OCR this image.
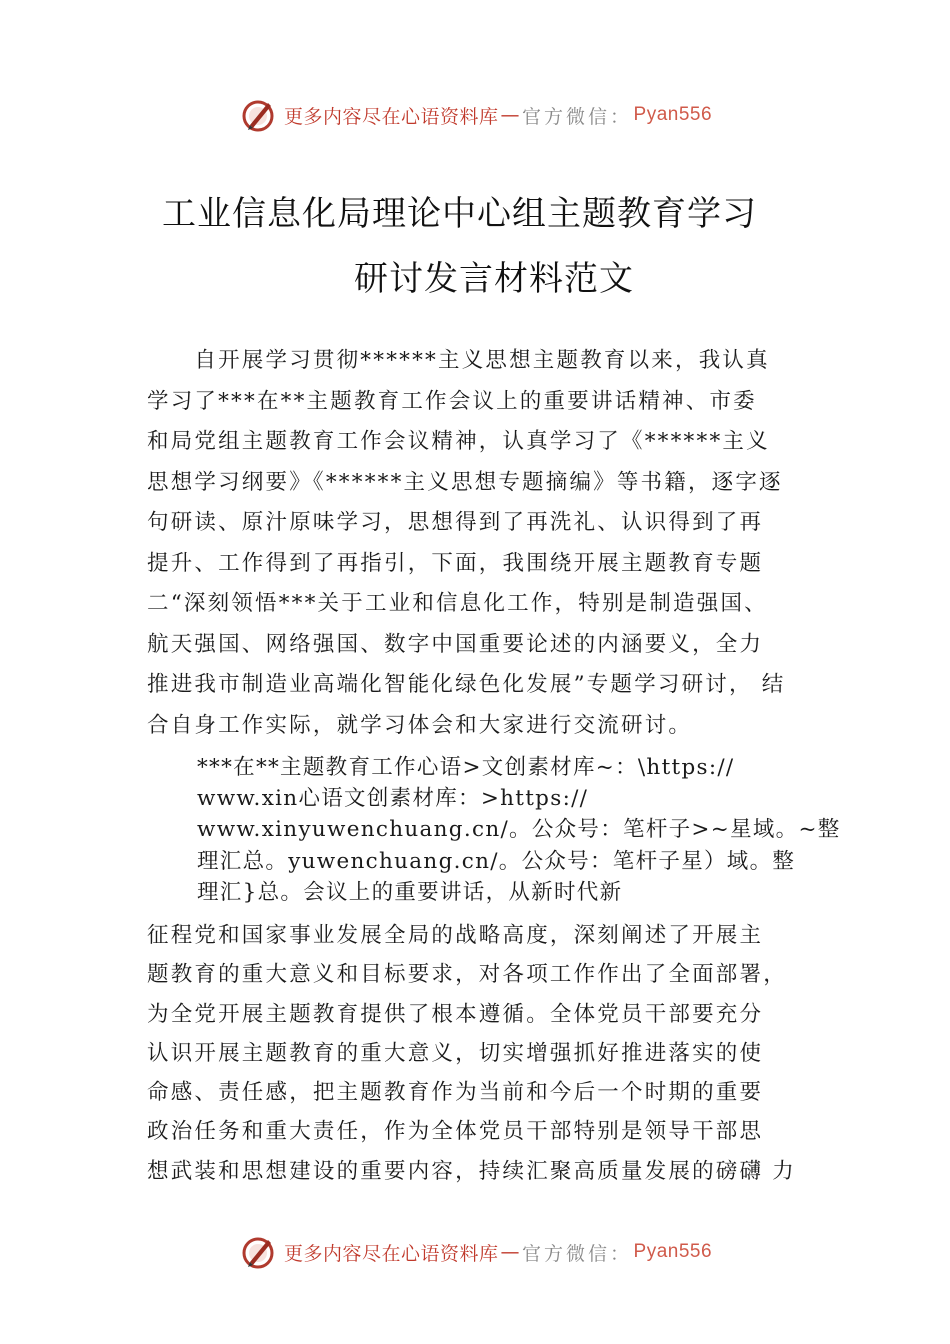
更多内容尽在心语资料库 — 官方微信 ： Pyan556
工业信息化局理论中心组主题教育学习
研讨发言材料范文
　　自开展学习贯彻******主义思想主题教育以来，我认真
学习了***在**主题教育工作会议上的重要讲话精神、市委
和局党组主题教育工作会议精神，认真学习了《******主义
思想学习纲要》《******主义思想专题摘编》等书籍，逐字逐
句研读、原汁原味学习，思想得到了再洗礼、认识得到了再
提升、工作得到了再指引，下面，我围绕开展主题教育专题
二“深刻领悟***关于工业和信息化工作，特别是制造强国、
航天强国、网络强国、数字中国重要论述的内涵要义，全力
推进我市制造业高端化智能化绿色化发展”专题学习研讨， 结
合自身工作实际，就学习体会和大家进行交流研讨。
***在**主题教育工作心语>文创素材库~：\https://
www.xin心语文创素材库：>https://
www.xinyuwenchuang.cn/。公众号：笔杆子>~星域。~整
理汇总。yuwenchuang.cn/。公众号：笔杆子星）域。整
理汇}总。会议上的重要讲话，从新时代新
征程党和国家事业发展全局的战略高度，深刻阐述了开展主
题教育的重大意义和目标要求，对各项工作作出了全面部署，
为全党开展主题教育提供了根本遵循。全体党员干部要充分
认识开展主题教育的重大意义，切实增强抓好推进落实的使
命感、责任感，把主题教育作为当前和今后一个时期的重要
政治任务和重大责任，作为全体党员干部特别是领导干部思
想武装和思想建设的重要内容，持续汇聚高质量发展的磅礴 力
更多内容尽在心语资料库 — 官方微信 ： Pyan556
